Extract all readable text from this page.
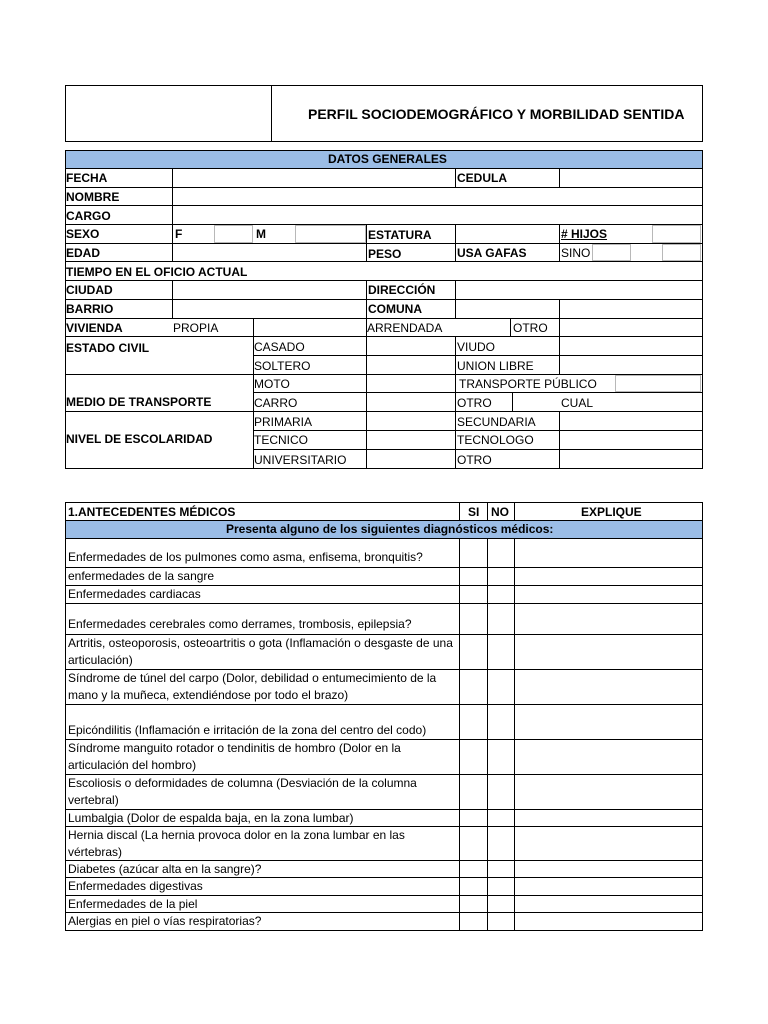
PERFIL SOCIODEMOGRÁFICO Y MORBILIDAD SENTIDA
DATOS GENERALES
FECHA	CEDULA
NOMBRE
CARGO
SEXO	F	M	ESTATURA	# HIJOS
EDAD	PESO	USA GAFAS	SINO
TIEMPO EN EL OFICIO ACTUAL
CIUDAD	DIRECCIÓN
BARRIO	COMUNA
VIVIENDA	PROPIA	ARRENDADA	OTRO
ESTADO CIVIL	CASADO	VIUDO
SOLTERO	UNION LIBRE
MEDIO DE TRANSPORTE
MOTO	TRANSPORTE PÚBLICO
CARRO	OTRO	CUAL
NIVEL DE ESCOLARIDAD
PRIMARIA	SECUNDARIA
TECNICO	TECNOLOGO
UNIVERSITARIO	OTRO
1.ANTECEDENTES MÉDICOS	SI NO	EXPLIQUE
Presenta alguno de los siguientes diagnósticos médicos:
Enfermedades de los pulmones como asma, enfisema, bronquitis?
enfermedades de la sangre
Enfermedades cardiacas
Enfermedades cerebrales como derrames, trombosis, epilepsia?
Artritis, osteoporosis, osteoartritis o gota (Inflamación o desgaste de una articulación)
Síndrome de túnel del carpo (Dolor, debilidad o entumecimiento de la mano y la muñeca, extendiéndose por todo el brazo)
Epicóndilitis (Inflamación e irritación de la zona del centro del codo)
Síndrome manguito rotador o tendinitis de hombro (Dolor en la articulación del hombro)
Escoliosis o deformidades de columna (Desviación de la columna vertebral)
Lumbalgia (Dolor de espalda baja, en la zona lumbar)
Hernia discal (La hernia provoca dolor en la zona lumbar en las vértebras)
Diabetes (azúcar alta en la sangre)?
Enfermedades digestivas
Enfermedades de la piel
Alergias en piel o vías respiratorias?
